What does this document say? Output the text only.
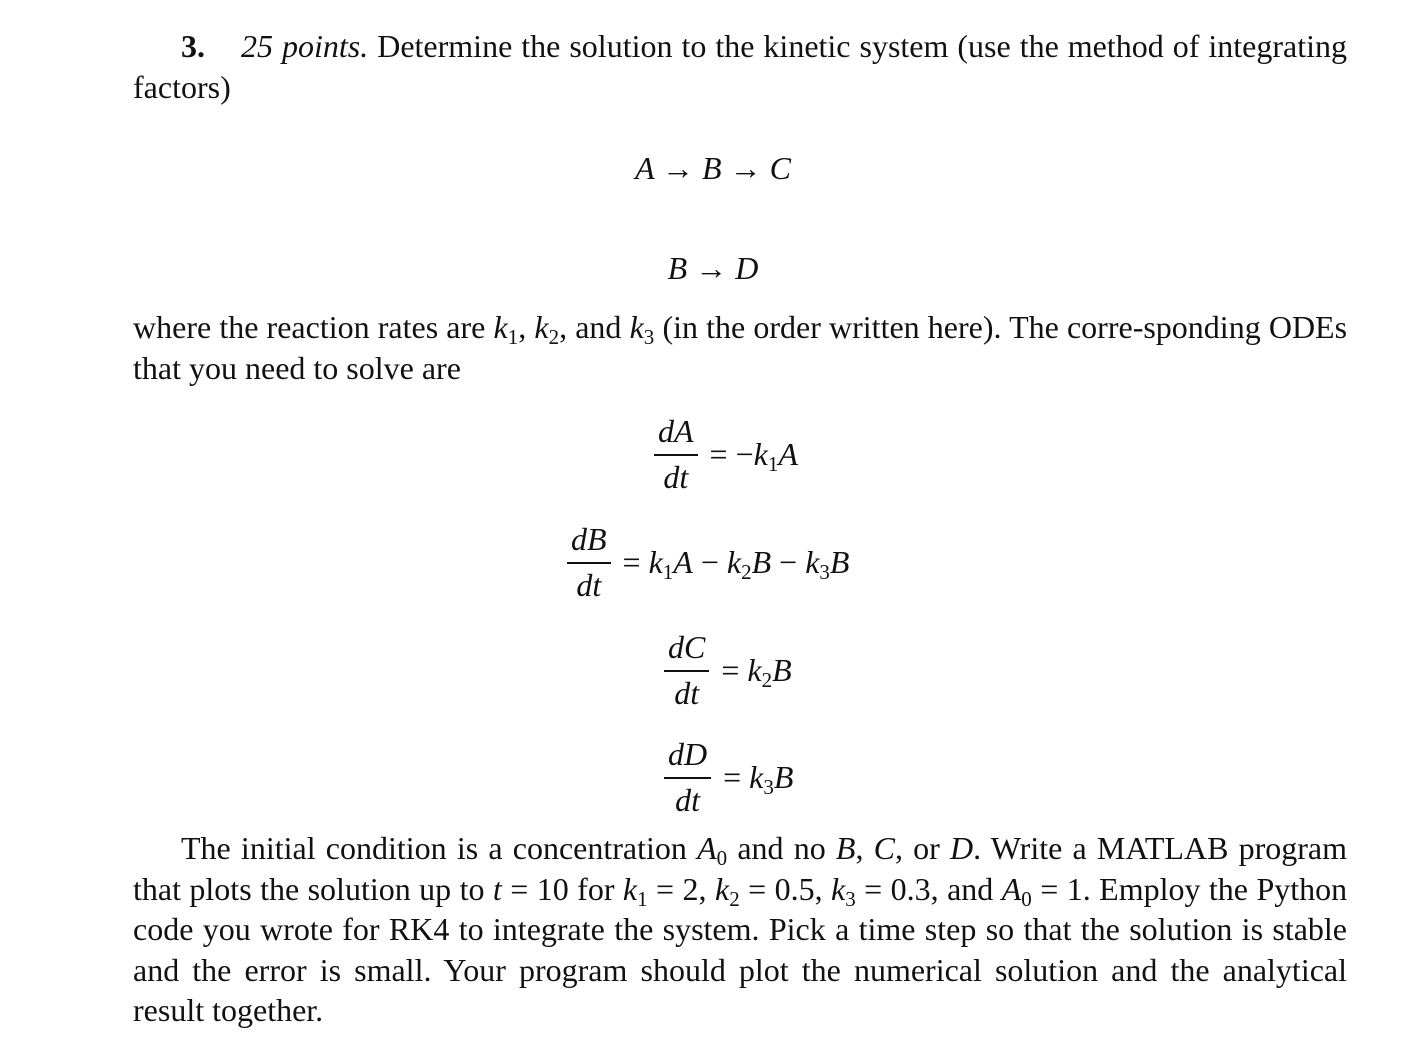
3. 25 points. Determine the solution to the kinetic system (use the method of integrating factors)

A → B → C
B → D

where the reaction rates are $k_1$, $k_2$, and $k_3$ (in the order written here). The corre-sponding ODEs that you need to solve are

$\frac{dA}{dt} = -k_1A$
$\frac{dB}{dt} = k_1A - k_2B - k_3B$
$\frac{dC}{dt} = k_2B$
$\frac{dD}{dt} = k_3B$

The initial condition is a concentration $A_0$ and no B, C, or D. Write a MATLAB program that plots the solution up to t = 10 for $k_1 = 2$, $k_2 = 0.5$, $k_3 = 0.3$, and $A_0 = 1$. Employ the Python code you wrote for RK4 to integrate the system. Pick a time step so that the solution is stable and the error is small. Your program should plot the numerical solution and the analytical result together.
